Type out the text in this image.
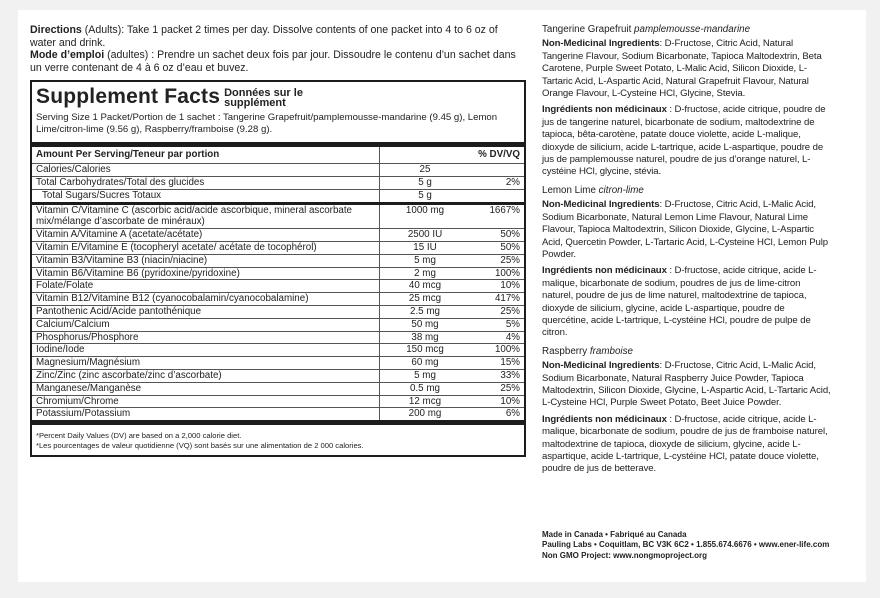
Directions (Adults): Take 1 packet 2 times per day. Dissolve contents of one packet into 4 to 6 oz of water and drink.
Mode d’emploi (adultes) : Prendre un sachet deux fois par jour. Dissoudre le contenu d’un sachet dans un verre contenant de 4 à 6 oz d’eau et buvez.

Supplement Facts Données sur le supplément
Serving Size 1 Packet/Portion de 1 sachet : Tangerine Grapefruit/pamplemousse-mandarine (9.45 g), Lemon Lime/citron-lime (9.56 g), Raspberry/framboise (9.28 g).
Amount Per Serving/Teneur par portion		% DV/VQ
Calories/Calories	25	
Total Carbohydrates/Total des glucides	5 g	2%
Total Sugars/Sucres Totaux	5 g	
Vitamin C/Vitamine C (ascorbic acid/acide ascorbique, mineral ascorbate mix/mélange d’ascorbate de minéraux)	1000 mg	1667%
Vitamin A/Vitamine A (acetate/acétate)	2500 IU	50%
Vitamin E/Vitamine E (tocopheryl acetate/ acétate de tocophérol)	15 IU	50%
Vitamin B3/Vitamine B3 (niacin/niacine)	5 mg	25%
Vitamin B6/Vitamine B6 (pyridoxine/pyridoxine)	2 mg	100%
Folate/Folate	40 mcg	10%
Vitamin B12/Vitamine B12 (cyanocobalamin/cyanocobalamine)	25 mcg	417%
Pantothenic Acid/Acide pantothénique	2.5 mg	25%
Calcium/Calcium	50 mg	5%
Phosphorus/Phosphore	38 mg	4%
Iodine/Iode	150 mcg	100%
Magnesium/Magnésium	60 mg	15%
Zinc/Zinc (zinc ascorbate/zinc d’ascorbate)	5 mg	33%
Manganese/Manganèse	0.5 mg	25%
Chromium/Chrome	12 mcg	10%
Potassium/Potassium	200 mg	6%
*Percent Daily Values (DV) are based on a 2,000 calorie diet.
*Les pourcentages de valeur quotidienne (VQ) sont basés sur une alimentation de 2 000 calories.

Tangerine Grapefruit pamplemousse-mandarine

Non-Medicinal Ingredients: D-Fructose, Citric Acid, Natural Tangerine Flavour, Sodium Bicarbonate, Tapioca Maltodextrin, Beta Carotene, Purple Sweet Potato, L-Malic Acid, Silicon Dioxide, L-Tartaric Acid, L-Aspartic Acid, Natural Grapefruit Flavour, Natural Orange Flavour, L-Cysteine HCl, Glycine, Stevia.

Ingrédients non médicinaux : D-fructose, acide citrique, poudre de jus de tangerine naturel, bicarbonate de sodium, maltodextrine de tapioca, bêta-carotène, patate douce violette, acide L-malique, dioxyde de silicium, acide L-tartrique, acide L-aspartique, poudre de jus de pamplemousse naturel, poudre de jus d’orange naturel, L-cystéine HCl, glycine, stévia.

Lemon Lime citron-lime

Non-Medicinal Ingredients: D-Fructose, Citric Acid, L-Malic Acid, Sodium Bicarbonate, Natural Lemon Lime Flavour, Natural Lime Flavour, Tapioca Maltodextrin, Silicon Dioxide, Glycine, L-Aspartic Acid, Quercetin Powder, L-Tartaric Acid, L-Cysteine HCl, Lemon Pulp Powder.

Ingrédients non médicinaux : D-fructose, acide citrique, acide L-malique, bicarbonate de sodium, poudres de jus de lime-citron naturel, poudre de jus de lime naturel, maltodextrine de tapioca, dioxyde de silicium, glycine, acide L-aspartique, poudre de quercétine, acide L-tartrique, L-cystéine HCl, poudre de pulpe de citron.

Raspberry framboise

Non-Medicinal Ingredients: D-Fructose, Citric Acid, L-Malic Acid, Sodium Bicarbonate, Natural Raspberry Juice Powder, Tapioca Maltodextrin, Silicon Dioxide, Glycine, L-Aspartic Acid, L-Tartaric Acid, L-Cysteine HCl, Purple Sweet Potato, Beet Juice Powder.

Ingrédients non médicinaux : D-fructose, acide citrique, acide L-malique, bicarbonate de sodium, poudre de jus de framboise naturel, maltodextrine de tapioca, dioxyde de silicium, glycine, acide L-aspartique, acide L-tartrique, L-cystéine HCl, patate douce violette, poudre de jus de betterave.

Made in Canada • Fabriqué au Canada
Pauling Labs • Coquitlam, BC V3K 6C2 • 1.855.674.6676 • www.ener-life.com
Non GMO Project: www.nongmoproject.org
